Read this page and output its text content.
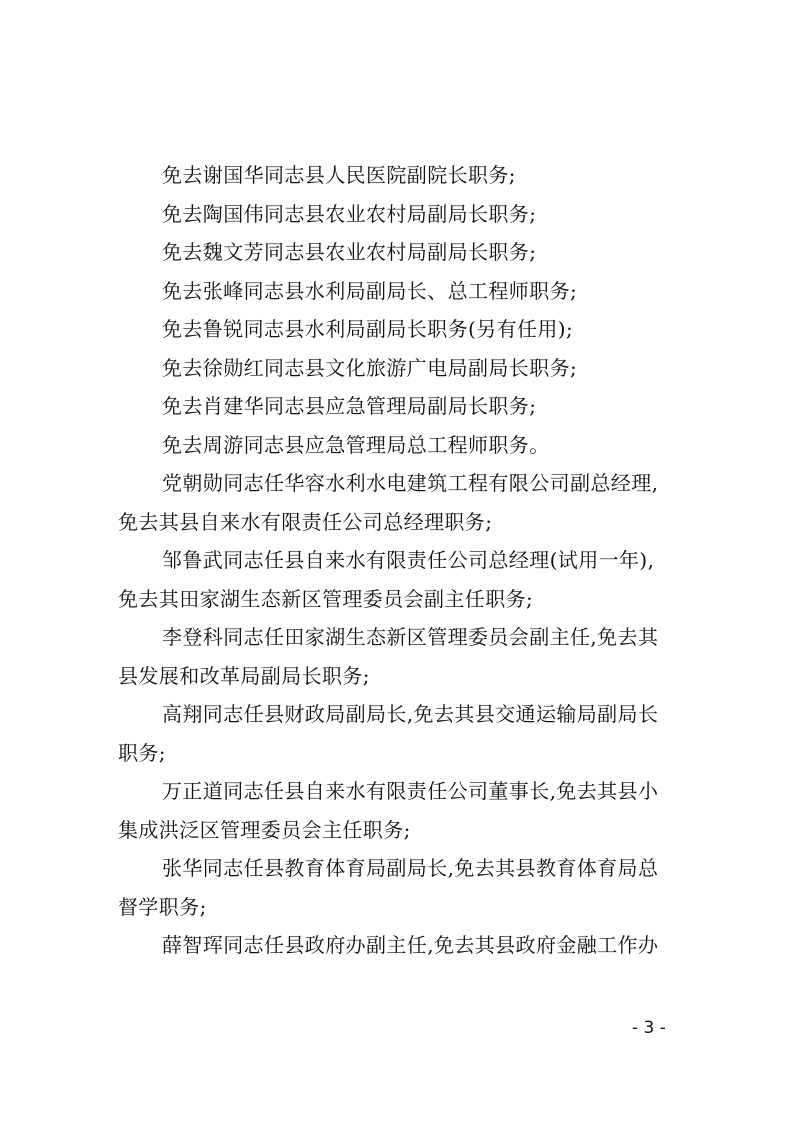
免去谢国华同志县人民医院副院长职务;
免去陶国伟同志县农业农村局副局长职务;
免去魏文芳同志县农业农村局副局长职务;
免去张峰同志县水利局副局长、总工程师职务;
免去鲁锐同志县水利局副局长职务(另有任用);
免去徐勋红同志县文化旅游广电局副局长职务;
免去肖建华同志县应急管理局副局长职务;
免去周游同志县应急管理局总工程师职务。
党朝勋同志任华容水利水电建筑工程有限公司副总经理,
免去其县自来水有限责任公司总经理职务;
邹鲁武同志任县自来水有限责任公司总经理(试用一年),
免去其田家湖生态新区管理委员会副主任职务;
李登科同志任田家湖生态新区管理委员会副主任,免去其
县发展和改革局副局长职务;
高翔同志任县财政局副局长,免去其县交通运输局副局长
职务;
万正道同志任县自来水有限责任公司董事长,免去其县小
集成洪泛区管理委员会主任职务;
张华同志任县教育体育局副局长,免去其县教育体育局总
督学职务;
薛智珲同志任县政府办副主任,免去其县政府金融工作办
- 3 -
